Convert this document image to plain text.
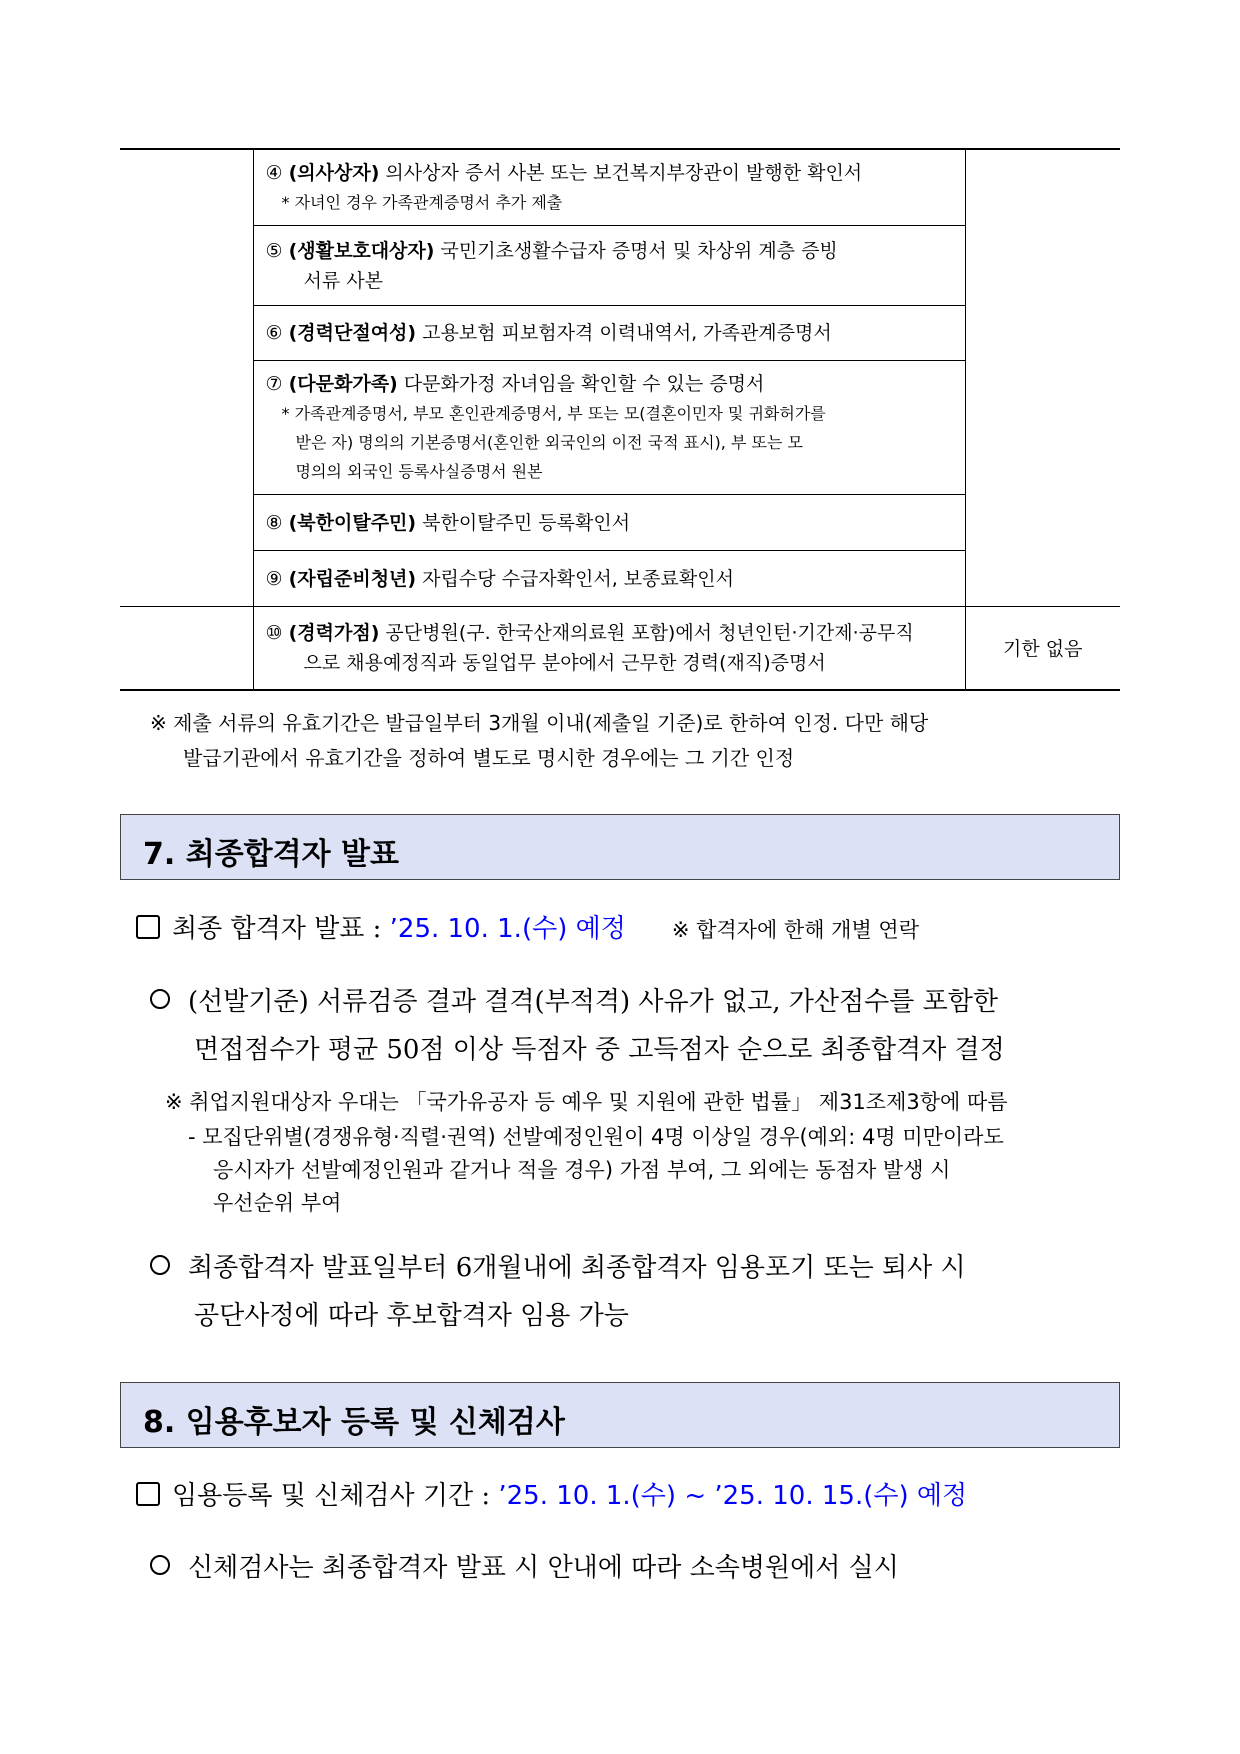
	④ (의사상자) 의사상자 증서 사본 또는 보건복지부장관이 발행한 확인서
* 자녀인 경우 가족관계증명서 추가 제출	

	⑤ (생활보호대상자) 국민기초생활수급자 증명서 및 차상위 계층 증빙
서류 사본	

	⑥ (경력단절여성) 고용보험 피보험자격 이력내역서, 가족관계증명서	

	⑦ (다문화가족) 다문화가정 자녀임을 확인할 수 있는 증명서
* 가족관계증명서, 부모 혼인관계증명서, 부 또는 모(결혼이민자 및 귀화허가를
받은 자) 명의의 기본증명서(혼인한 외국인의 이전 국적 표시), 부 또는 모
명의의 외국인 등록사실증명서 원본	

	⑧ (북한이탈주민) 북한이탈주민 등록확인서	

	⑨ (자립준비청년) 자립수당 수급자확인서, 보종료확인서	

	⑩ (경력가점) 공단병원(구. 한국산재의료원 포함)에서 청년인턴·기간제·공무직
으로 채용예정직과 동일업무 분야에서 근무한 경력(재직)증명서	기한 없음
※ 제출 서류의 유효기간은 발급일부터 3개월 이내(제출일 기준)로 한하여 인정. 다만 해당
발급기관에서 유효기간을 정하여 별도로 명시한 경우에는 그 기간 인정
7. 최종합격자 발표
최종 합격자 발표 : ’25. 10. 1.(수) 예정 ※ 합격자에 한해 개별 연락
(선발기준) 서류검증 결과 결격(부적격) 사유가 없고, 가산점수를 포함한
면접점수가 평균 50점 이상 득점자 중 고득점자 순으로 최종합격자 결정
※ 취업지원대상자 우대는 「국가유공자 등 예우 및 지원에 관한 법률」 제31조제3항에 따름
- 모집단위별(경쟁유형·직렬·권역) 선발예정인원이 4명 이상일 경우(예외: 4명 미만이라도
응시자가 선발예정인원과 같거나 적을 경우) 가점 부여, 그 외에는 동점자 발생 시
우선순위 부여
최종합격자 발표일부터 6개월내에 최종합격자 임용포기 또는 퇴사 시
공단사정에 따라 후보합격자 임용 가능
8. 임용후보자 등록 및 신체검사
임용등록 및 신체검사 기간 : ’25. 10. 1.(수) ~ ’25. 10. 15.(수) 예정
신체검사는 최종합격자 발표 시 안내에 따라 소속병원에서 실시
